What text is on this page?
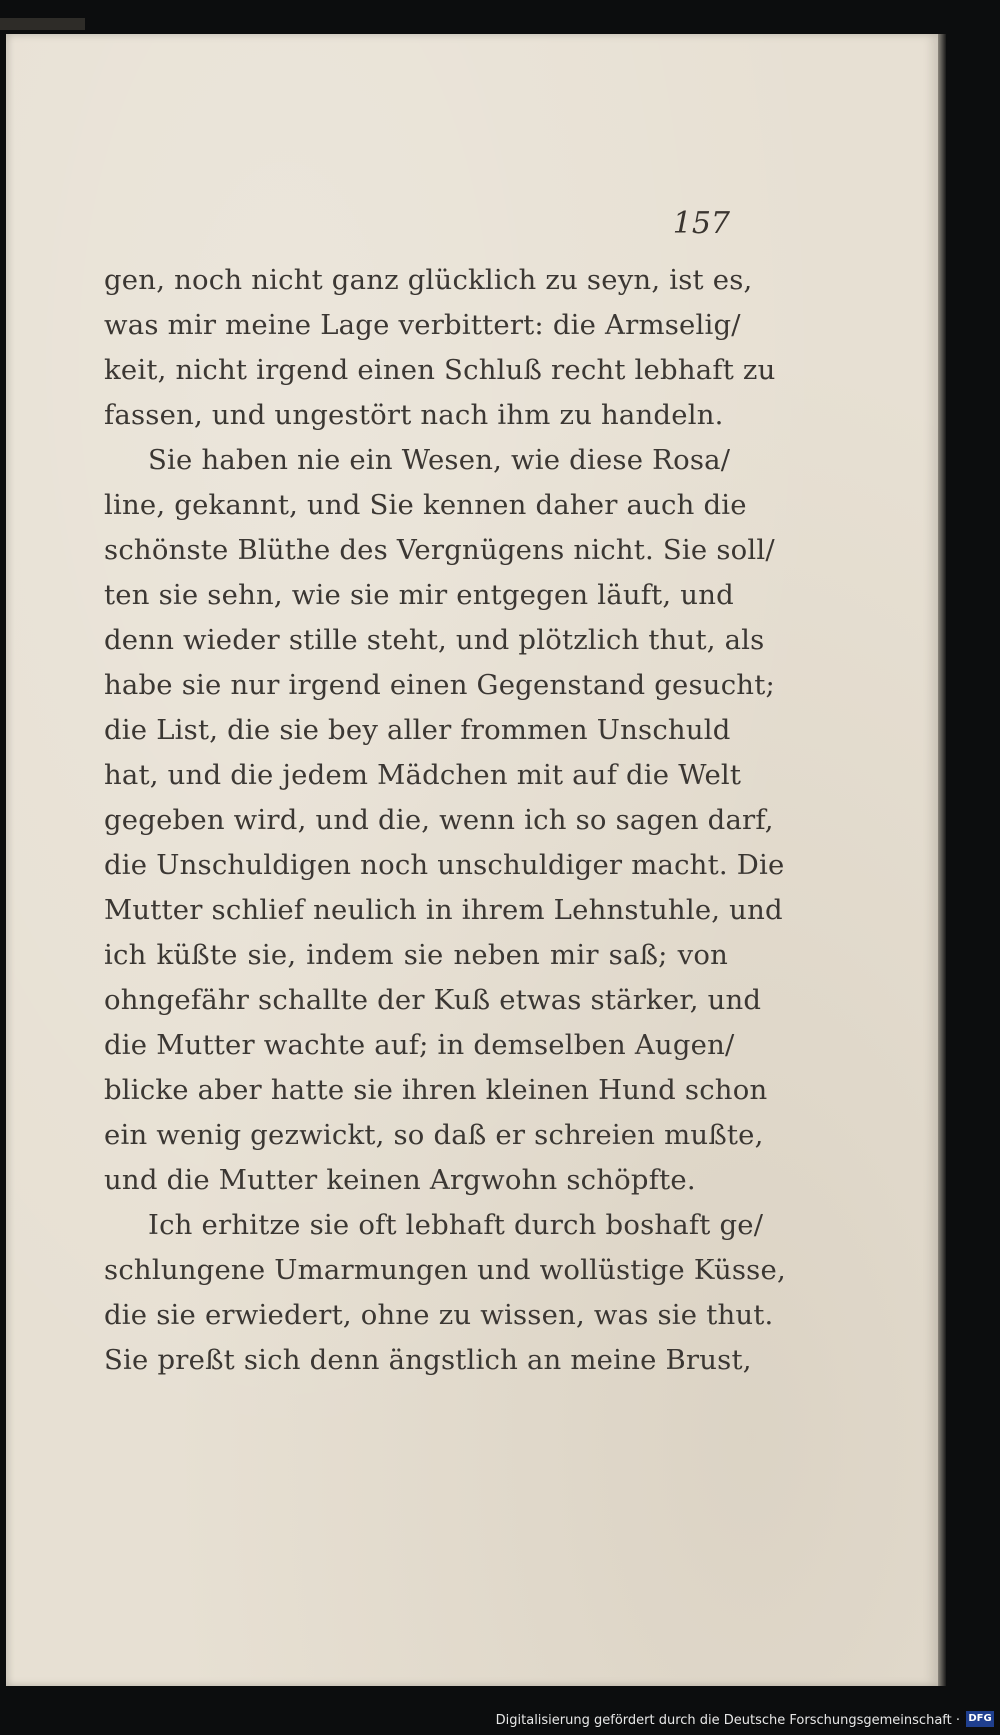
157
gen, noch nicht ganz glücklich zu seyn, ist es,
was mir meine Lage verbittert: die Armselig/
keit, nicht irgend einen Schluß recht lebhaft zu
fassen, und ungestört nach ihm zu handeln.
Sie haben nie ein Wesen, wie diese Rosa/
line, gekannt, und Sie kennen daher auch die
schönste Blüthe des Vergnügens nicht. Sie soll/
ten sie sehn, wie sie mir entgegen läuft, und
denn wieder stille steht, und plötzlich thut, als
habe sie nur irgend einen Gegenstand gesucht;
die List, die sie bey aller frommen Unschuld
hat, und die jedem Mädchen mit auf die Welt
gegeben wird, und die, wenn ich so sagen darf,
die Unschuldigen noch unschuldiger macht. Die
Mutter schlief neulich in ihrem Lehnstuhle, und
ich küßte sie, indem sie neben mir saß; von
ohngefähr schallte der Kuß etwas stärker, und
die Mutter wachte auf; in demselben Augen/
blicke aber hatte sie ihren kleinen Hund schon
ein wenig gezwickt, so daß er schreien mußte,
und die Mutter keinen Argwohn schöpfte.
Ich erhitze sie oft lebhaft durch boshaft ge/
schlungene Umarmungen und wollüstige Küsse,
die sie erwiedert, ohne zu wissen, was sie thut.
Sie preßt sich denn ängstlich an meine Brust,
Digitalisierung gefördert durch die Deutsche Forschungsgemeinschaft · DFG
